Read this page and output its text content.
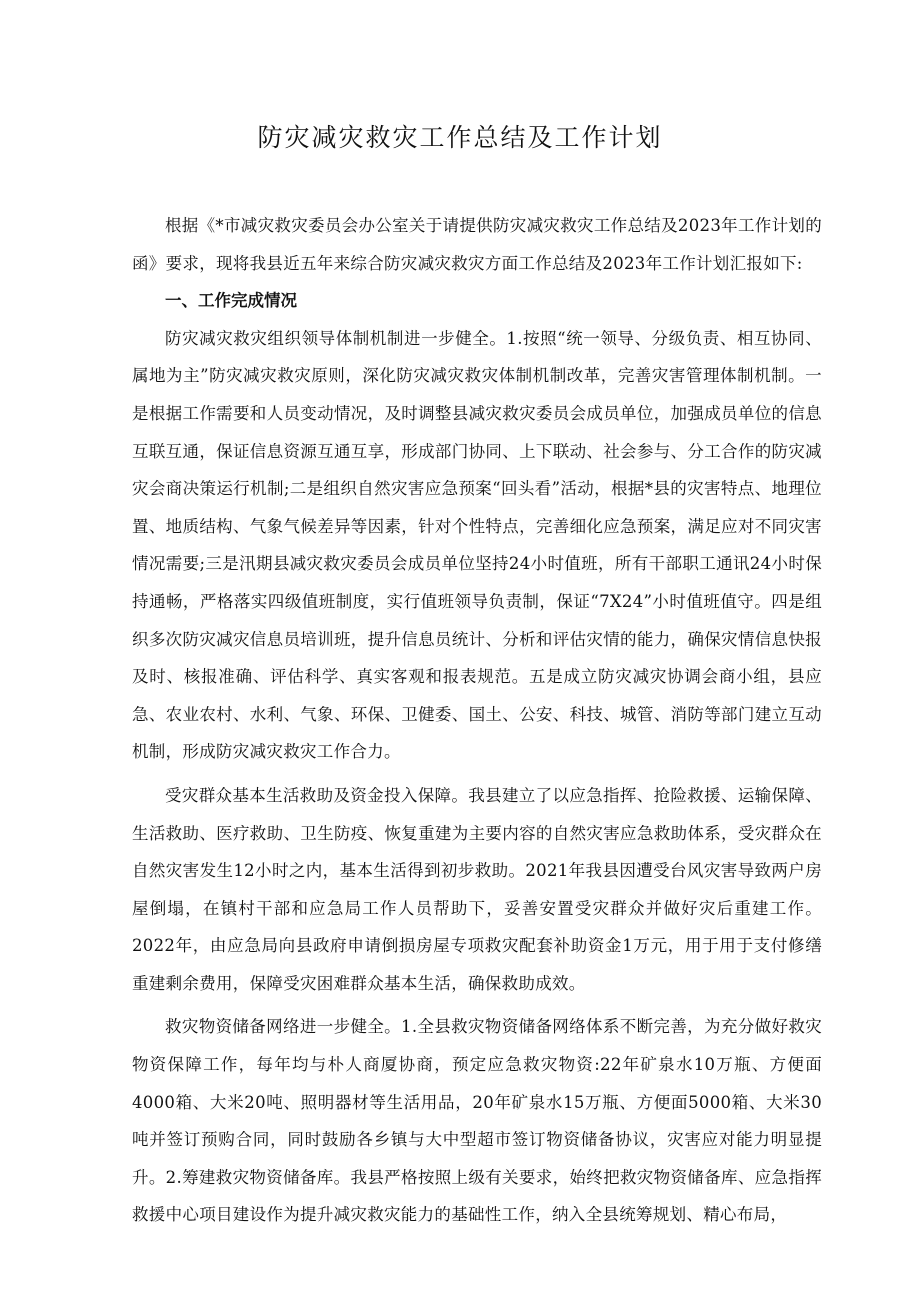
防灾减灾救灾工作总结及工作计划

根据《*市减灾救灾委员会办公室关于请提供防灾减灾救灾工作总结及2023年工作计划的函》要求，现将我县近五年来综合防灾减灾救灾方面工作总结及2023年工作计划汇报如下:

一、工作完成情况

防灾减灾救灾组织领导体制机制进一步健全。1.按照“统一领导、分级负责、相互协同、属地为主”防灾减灾救灾原则，深化防灾减灾救灾体制机制改革，完善灾害管理体制机制。一是根据工作需要和人员变动情况，及时调整县减灾救灾委员会成员单位，加强成员单位的信息互联互通，保证信息资源互通互享，形成部门协同、上下联动、社会参与、分工合作的防灾减灾会商决策运行机制;二是组织自然灾害应急预案“回头看”活动，根据*县的灾害特点、地理位置、地质结构、气象气候差异等因素，针对个性特点，完善细化应急预案，满足应对不同灾害情况需要;三是汛期县减灾救灾委员会成员单位坚持24小时值班，所有干部职工通讯24小时保持通畅，严格落实四级值班制度，实行值班领导负责制，保证“7X24”小时值班值守。四是组织多次防灾减灾信息员培训班，提升信息员统计、分析和评估灾情的能力，确保灾情信息快报及时、核报准确、评估科学、真实客观和报表规范。五是成立防灾减灾协调会商小组，县应急、农业农村、水利、气象、环保、卫健委、国土、公安、科技、城管、消防等部门建立互动机制，形成防灾减灾救灾工作合力。

受灾群众基本生活救助及资金投入保障。我县建立了以应急指挥、抢险救援、运输保障、生活救助、医疗救助、卫生防疫、恢复重建为主要内容的自然灾害应急救助体系，受灾群众在自然灾害发生12小时之内，基本生活得到初步救助。2021年我县因遭受台风灾害导致两户房屋倒塌，在镇村干部和应急局工作人员帮助下，妥善安置受灾群众并做好灾后重建工作。2022年，由应急局向县政府申请倒损房屋专项救灾配套补助资金1万元，用于用于支付修缮重建剩余费用，保障受灾困难群众基本生活，确保救助成效。

救灾物资储备网络进一步健全。1.全县救灾物资储备网络体系不断完善，为充分做好救灾物资保障工作，每年均与朴人商厦协商，预定应急救灾物资:22年矿泉水10万瓶、方便面4000箱、大米20吨、照明器材等生活用品，20年矿泉水15万瓶、方便面5000箱、大米30吨并签订预购合同，同时鼓励各乡镇与大中型超市签订物资储备协议，灾害应对能力明显提升。2.筹建救灾物资储备库。我县严格按照上级有关要求，始终把救灾物资储备库、应急指挥救援中心项目建设作为提升减灾救灾能力的基础性工作，纳入全县统筹规划、精心布局，
